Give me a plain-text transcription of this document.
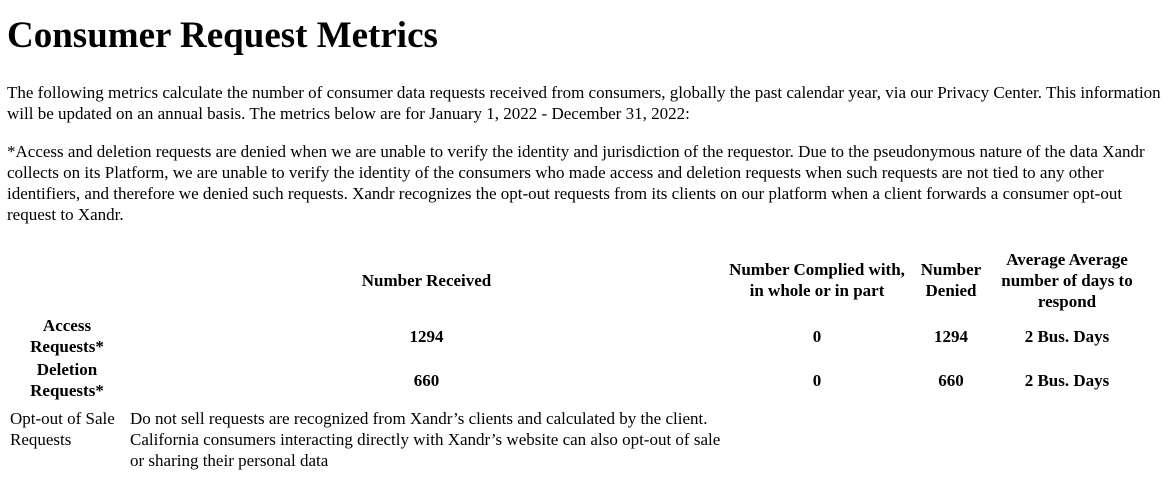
Consumer Request Metrics

The following metrics calculate the number of consumer data requests received from consumers, globally the past calendar year, via our Privacy Center. This information will be updated on an annual basis. The metrics below are for January 1, 2022 - December 31, 2022:

*Access and deletion requests are denied when we are unable to verify the identity and jurisdiction of the requestor. Due to the pseudonymous nature of the data Xandr collects on its Platform, we are unable to verify the identity of the consumers who made access and deletion requests when such requests are not tied to any other identifiers, and therefore we denied such requests. Xandr recognizes the opt-out requests from its clients on our platform when a client forwards a consumer opt-out request to Xandr.

	Number Received	Number Complied with, in whole or in part	Number Denied	Average Average number of days to respond
Access Requests*	1294	0	1294	2 Bus. Days
Deletion Requests*	660	0	660	2 Bus. Days
Opt-out of Sale Requests	Do not sell requests are recognized from Xandr’s clients and calculated by the client. California consumers interacting directly with Xandr’s website can also opt-out of sale or sharing their personal data			
